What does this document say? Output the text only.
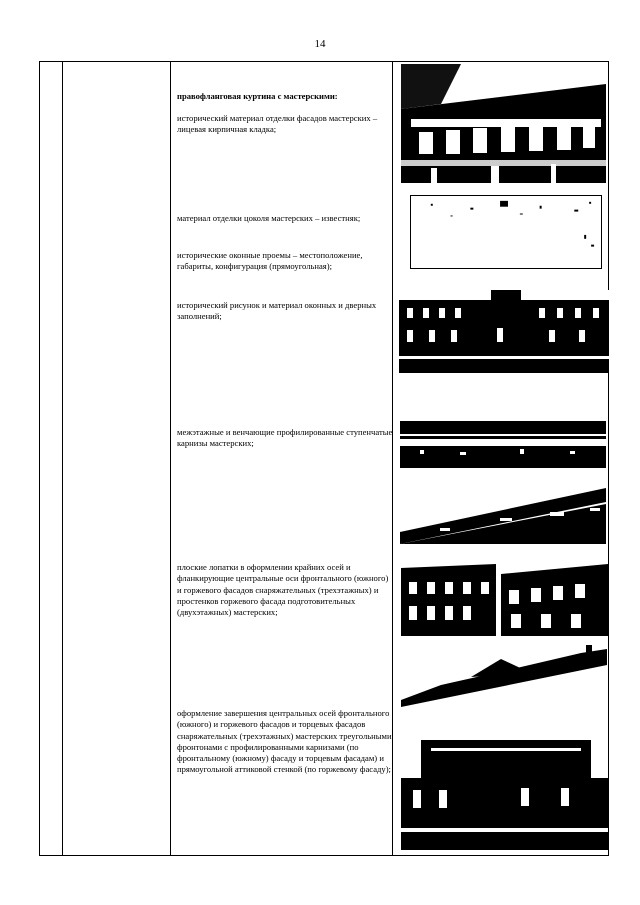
14
правофланговая куртина с мастерскими:
исторический материал отделки фасадов мастерских – лицевая кирпичная кладка;
материал отделки цоколя мастерских – известняк;
исторические оконные проемы – местоположение, габариты, конфигурация (прямоугольная);
исторический рисунок и материал оконных и дверных заполнений;
межэтажные и венчающие профилированные ступенчатые карнизы мастерских;
плоские лопатки в оформлении крайних осей и фланкирующие центральные оси фронтального (южного) и горжевого фасадов снаряжательных (трехэтажных) и простенков горжевого фасада подготовительных (двухэтажных) мастерских;
оформление завершения центральных осей фронтального (южного) и горжевого фасадов и торцевых фасадов снаряжательных (трехэтажных) мастерских треугольными фронтонами с профилированными карнизами (по фронтальному (южному) фасаду и торцевым фасадам) и прямоугольной аттиковой стенкой (по горжевому фасаду);
